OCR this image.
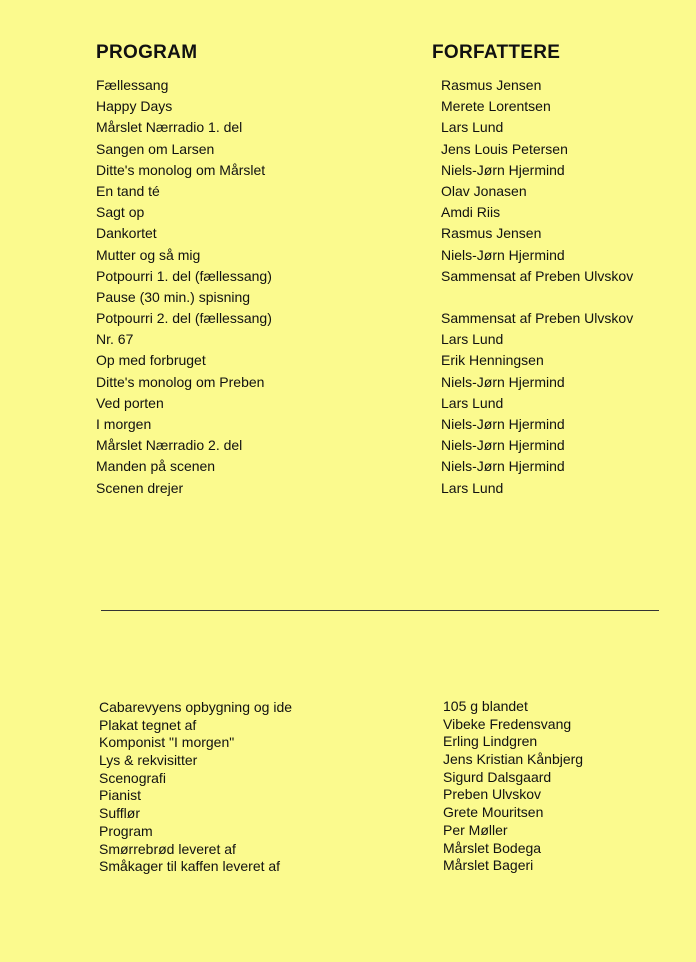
PROGRAM	FORFATTERE
Fællessang
Happy Days
Mårslet Nærradio 1. del
Sangen om Larsen
Ditte's monolog om Mårslet
En tand té
Sagt op
Dankortet
Mutter og så mig
Potpourri 1. del (fællessang)
Pause (30 min.) spisning
Potpourri 2. del (fællessang)
Nr. 67
Op med forbruget
Ditte's monolog om Preben
Ved porten
I morgen
Mårslet Nærradio 2. del
Manden på scenen
Scenen drejer
Rasmus Jensen
Merete Lorentsen
Lars Lund
Jens Louis Petersen
Niels-Jørn Hjermind
Olav Jonasen
Amdi Riis
Rasmus Jensen
Niels-Jørn Hjermind
Sammensat af Preben Ulvskov
Sammensat af Preben Ulvskov
Lars Lund
Erik Henningsen
Niels-Jørn Hjermind
Lars Lund
Niels-Jørn Hjermind
Niels-Jørn Hjermind
Niels-Jørn Hjermind
Lars Lund
Cabarevyens opbygning og ide
Plakat tegnet af
Komponist "I morgen"
Lys & rekvisitter
Scenografi
Pianist
Sufflør
Program
Smørrebrød leveret af
Småkager til kaffen leveret af
105 g blandet
Vibeke Fredensvang
Erling Lindgren
Jens Kristian Kånbjerg
Sigurd Dalsgaard
Preben Ulvskov
Grete Mouritsen
Per Møller
Mårslet Bodega
Mårslet Bageri
